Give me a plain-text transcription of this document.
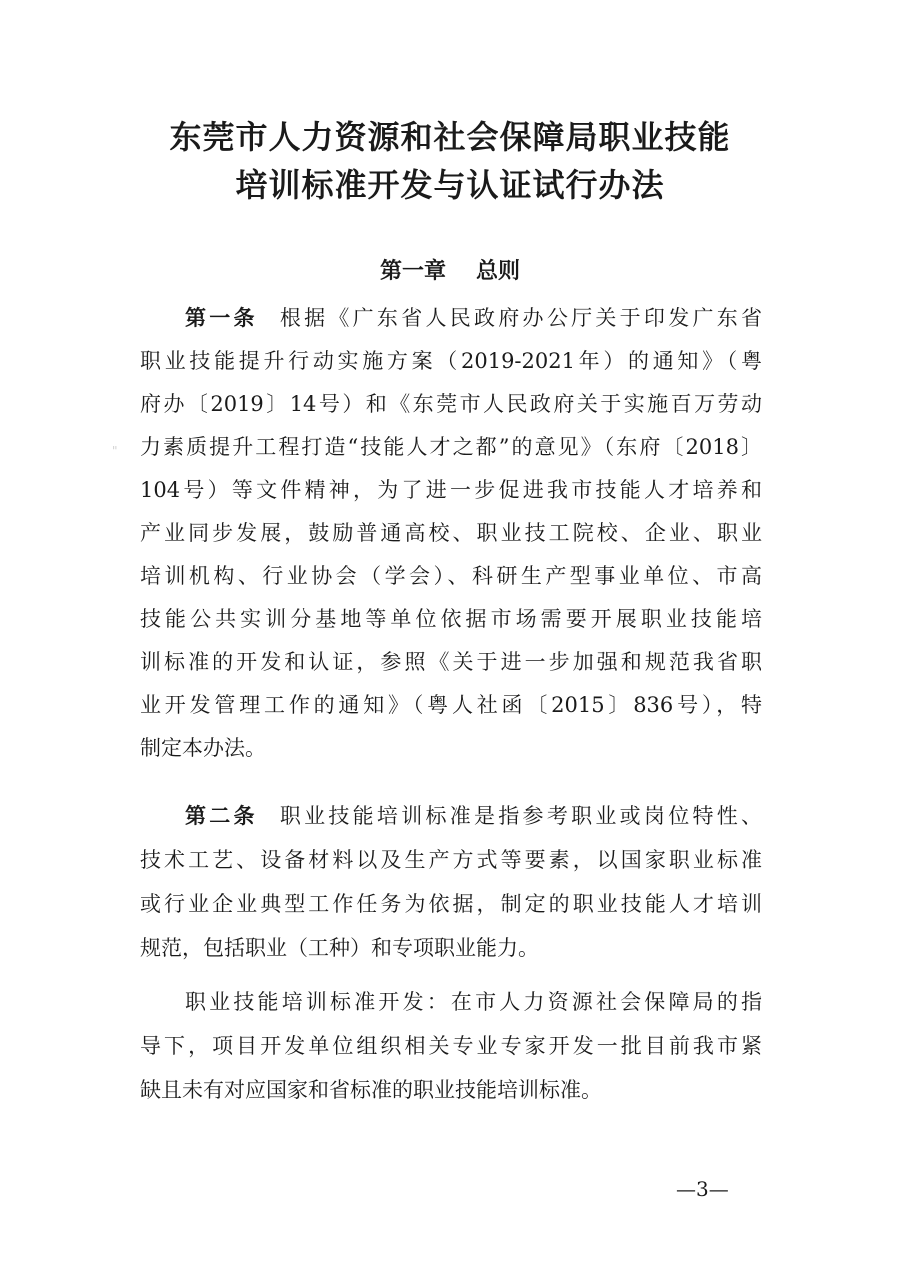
东莞市人力资源和社会保障局职业技能
培训标准开发与认证试行办法
第一章 总则
第一条 根据《广东省人民政府办公厅关于印发广东省
职业技能提升行动实施方案（2019-2021年）的通知》（粤
府办〔2019〕14号）和《东莞市人民政府关于实施百万劳动
力素质提升工程打造“技能人才之都”的意见》（东府〔2018〕
104号）等文件精神，为了进一步促进我市技能人才培养和
产业同步发展，鼓励普通高校、职业技工院校、企业、职业
培训机构、行业协会（学会）、科研生产型事业单位、市高
技能公共实训分基地等单位依据市场需要开展职业技能培
训标准的开发和认证，参照《关于进一步加强和规范我省职
业开发管理工作的通知》（粤人社函〔2015〕836号），特
制定本办法。
第二条 职业技能培训标准是指参考职业或岗位特性、
技术工艺、设备材料以及生产方式等要素，以国家职业标准
或行业企业典型工作任务为依据，制定的职业技能人才培训
规范，包括职业（工种）和专项职业能力。
职业技能培训标准开发：在市人力资源社会保障局的指
导下，项目开发单位组织相关专业专家开发一批目前我市紧
缺且未有对应国家和省标准的职业技能培训标准。
"
—3—
